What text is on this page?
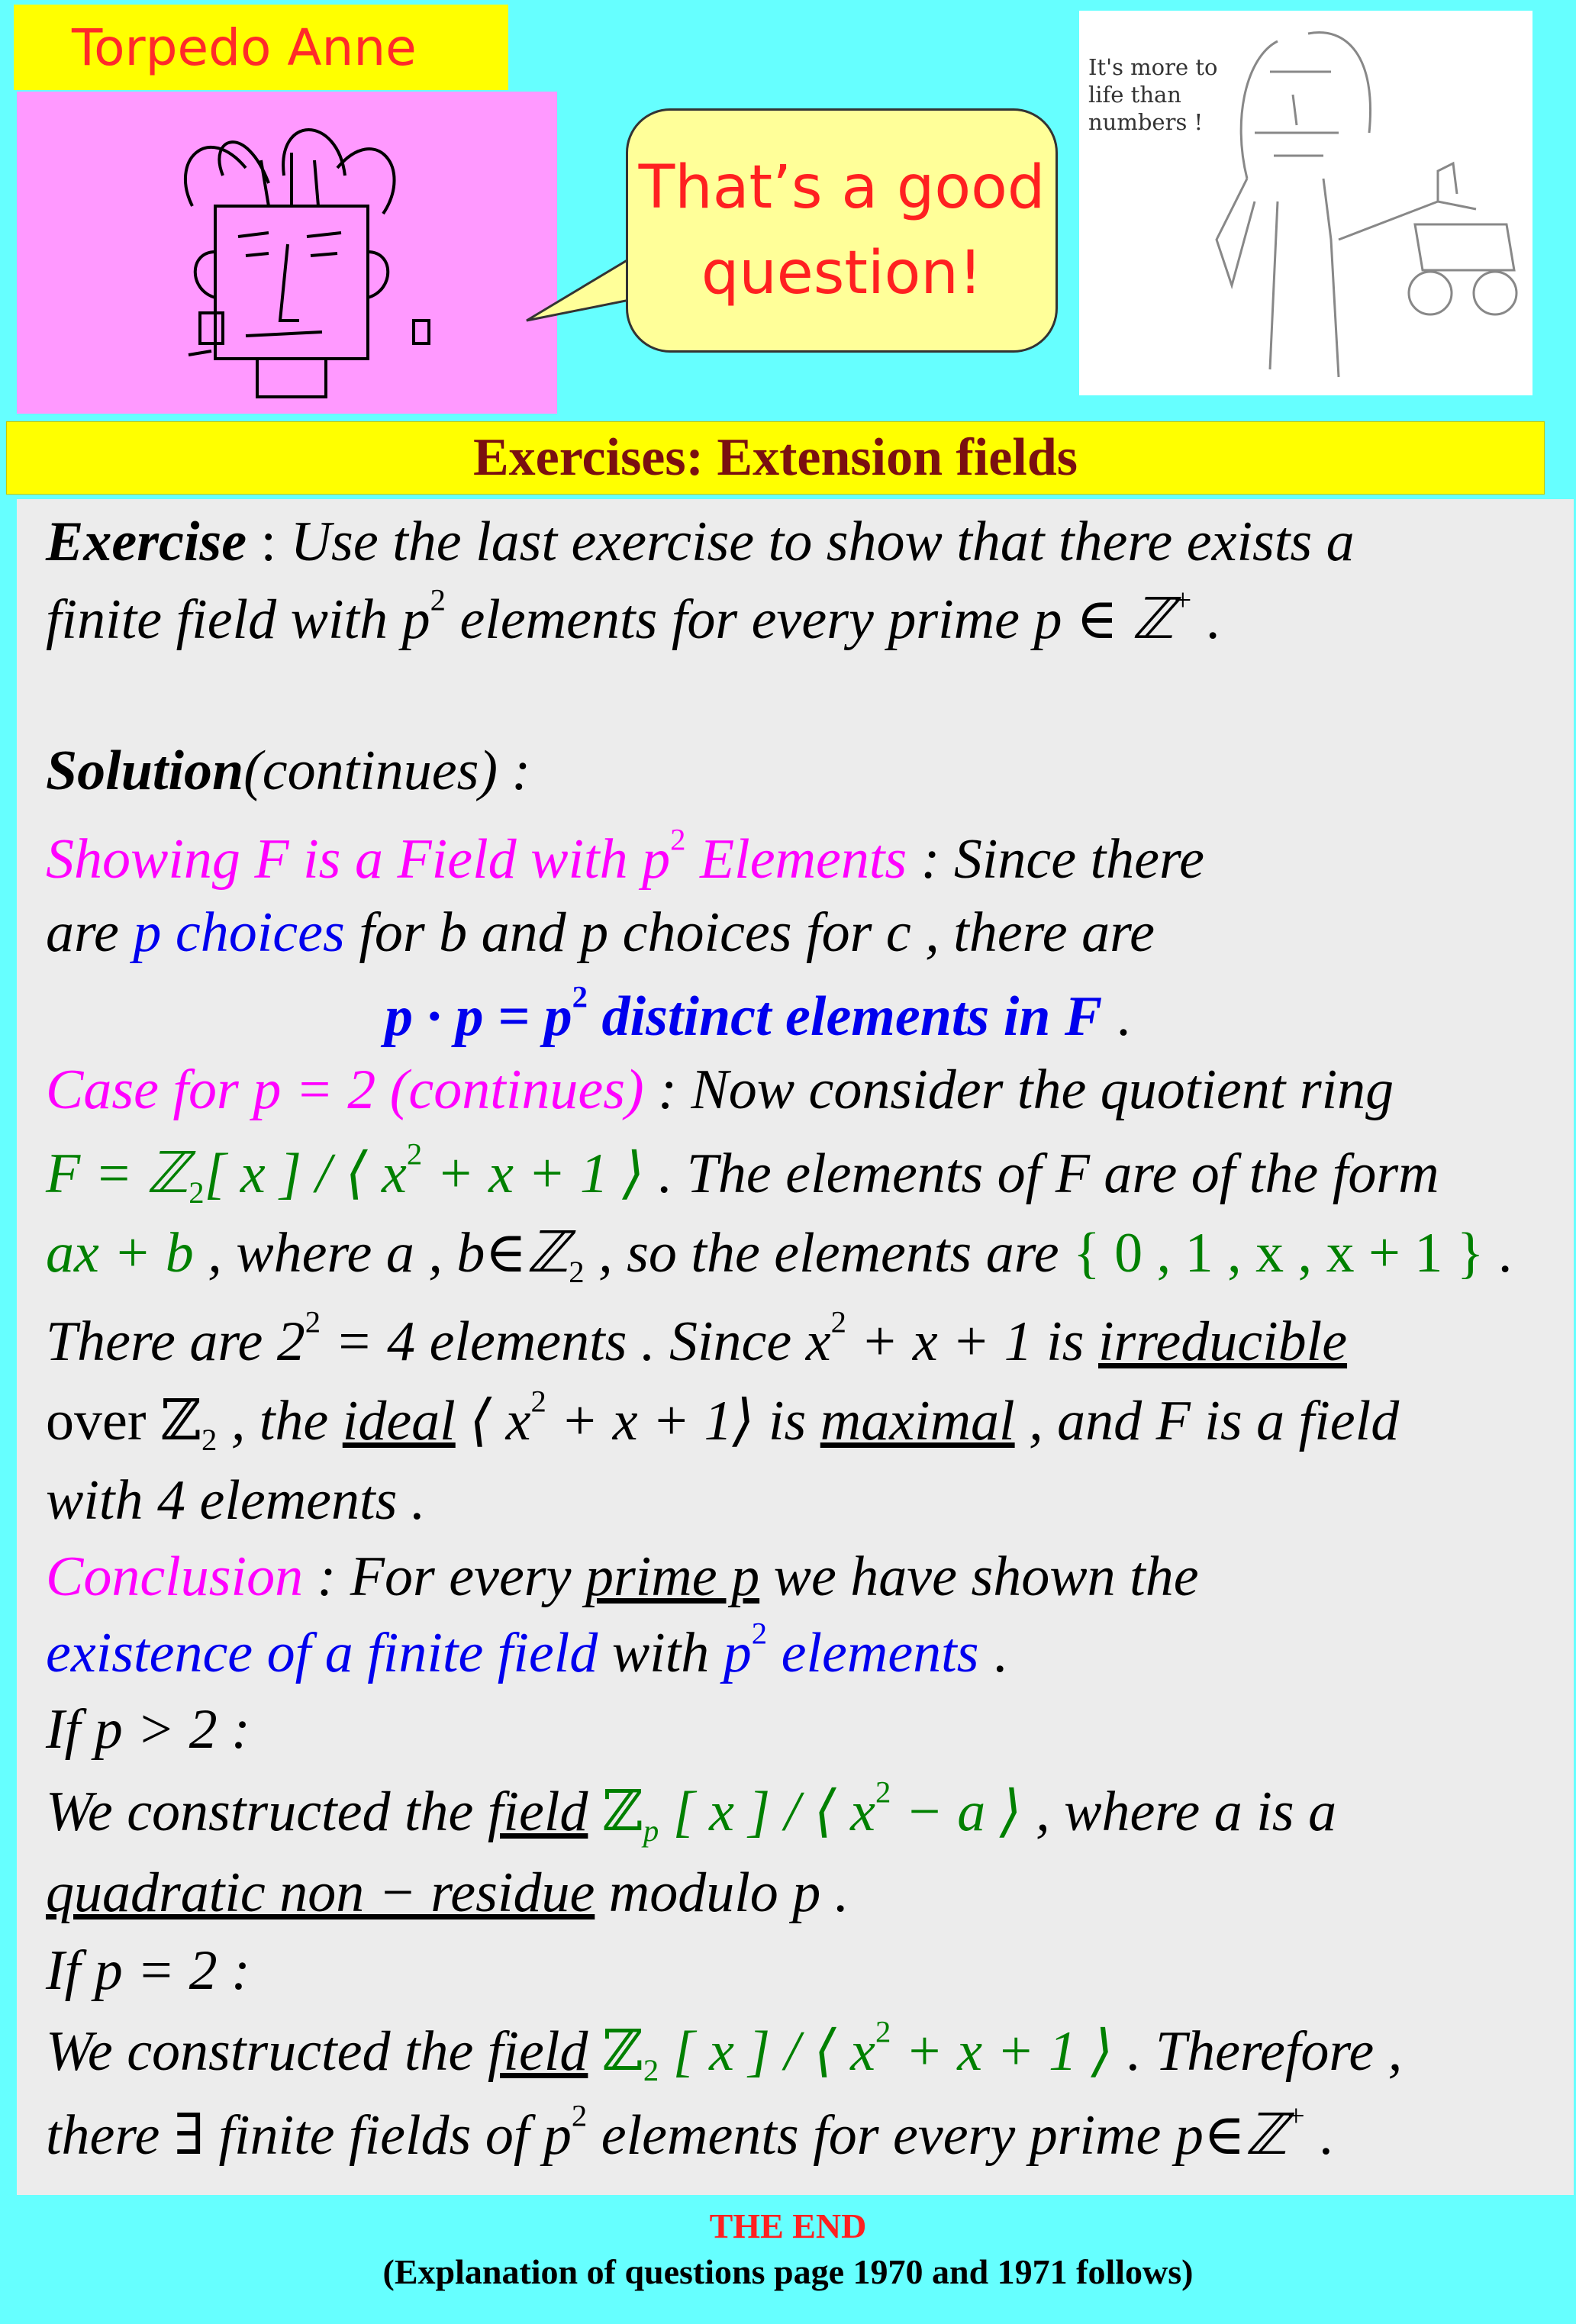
Torpedo Anne
That’s a good
question!
It's more to
life than
numbers !
Exercises: Extension fields
Exercise : Use the last exercise to show that there exists a
finite field with $p^2$ elements for every prime p ∈ ℤ+ .
Solution(continues) :
Showing F is a Field with $p^2$ Elements : Since there
are p choices for b and p choices for c , there are
$p \cdot p = p^2$ distinct elements in F .
Case for p = 2 (continues) : Now consider the quotient ring
F = ℤ$_2$[ x ] / ⟨ $x^2 + x + 1$ ⟩ . The elements of F are of the form
ax + b , where a , b∈ℤ$_2$ , so the elements are { 0 , 1 , x , x + 1 } .
There are $2^2 = 4$ elements . Since $x^2 + x + 1$ is irreducible
over ℤ$_2$ , the ideal ⟨ $x^2 + x$ + 1⟩ is maximal , and F is a field
with 4 elements .
Conclusion : For every prime p we have shown the
existence of a finite field with $p^2$ elements .
If p > 2 :
We constructed the field ℤ$_p$ [ x ] / ⟨ $x^2 - a$ ⟩ , where a is a
quadratic non − residue modulo p .
If p = 2 :
We constructed the field ℤ$_2$ [ x ] / ⟨ $x^2 + x + 1$ ⟩ . Therefore ,
there ∃ finite fields of $p^2$ elements for every prime p∈ℤ+ .
THE END
(Explanation of questions page 1970 and 1971 follows)
